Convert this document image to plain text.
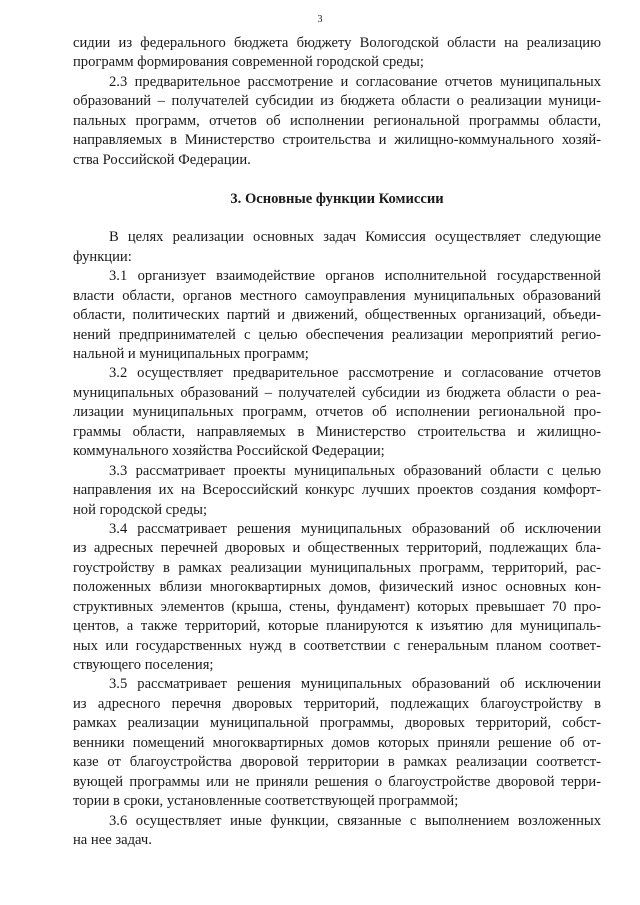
3
сидии из федерального бюджета бюджету Вологодской области на реализацию
программ формирования современной городской среды;
2.3 предварительное рассмотрение и согласование отчетов муниципальных
образований – получателей субсидии из бюджета области о реализации муници-
пальных программ, отчетов об исполнении региональной программы области,
направляемых в Министерство строительства и жилищно-коммунального хозяй-
ства Российской Федерации.
3. Основные функции Комиссии
В целях реализации основных задач Комиссия осуществляет следующие
функции:
3.1 организует взаимодействие органов исполнительной государственной
власти области, органов местного самоуправления муниципальных образований
области, политических партий и движений, общественных организаций, объеди-
нений предпринимателей с целью обеспечения реализации мероприятий регио-
нальной и муниципальных программ;
3.2 осуществляет предварительное рассмотрение и согласование отчетов
муниципальных образований – получателей субсидии из бюджета области о реа-
лизации муниципальных программ, отчетов об исполнении региональной про-
граммы области, направляемых в Министерство строительства и жилищно-
коммунального хозяйства Российской Федерации;
3.3 рассматривает проекты муниципальных образований области с целью
направления их на Всероссийский конкурс лучших проектов создания комфорт-
ной городской среды;
3.4 рассматривает решения муниципальных образований об исключении
из адресных перечней дворовых и общественных территорий, подлежащих бла-
гоустройству в рамках реализации муниципальных программ, территорий, рас-
положенных вблизи многоквартирных домов, физический износ основных кон-
структивных элементов (крыша, стены, фундамент) которых превышает 70 про-
центов, а также территорий, которые планируются к изъятию для муниципаль-
ных или государственных нужд в соответствии с генеральным планом соответ-
ствующего поселения;
3.5 рассматривает решения муниципальных образований об исключении
из адресного перечня дворовых территорий, подлежащих благоустройству в
рамках реализации муниципальной программы, дворовых территорий, собст-
венники помещений многоквартирных домов которых приняли решение об от-
казе от благоустройства дворовой территории в рамках реализации соответст-
вующей программы или не приняли решения о благоустройстве дворовой терри-
тории в сроки, установленные соответствующей программой;
3.6 осуществляет иные функции, связанные с выполнением возложенных
на нее задач.
